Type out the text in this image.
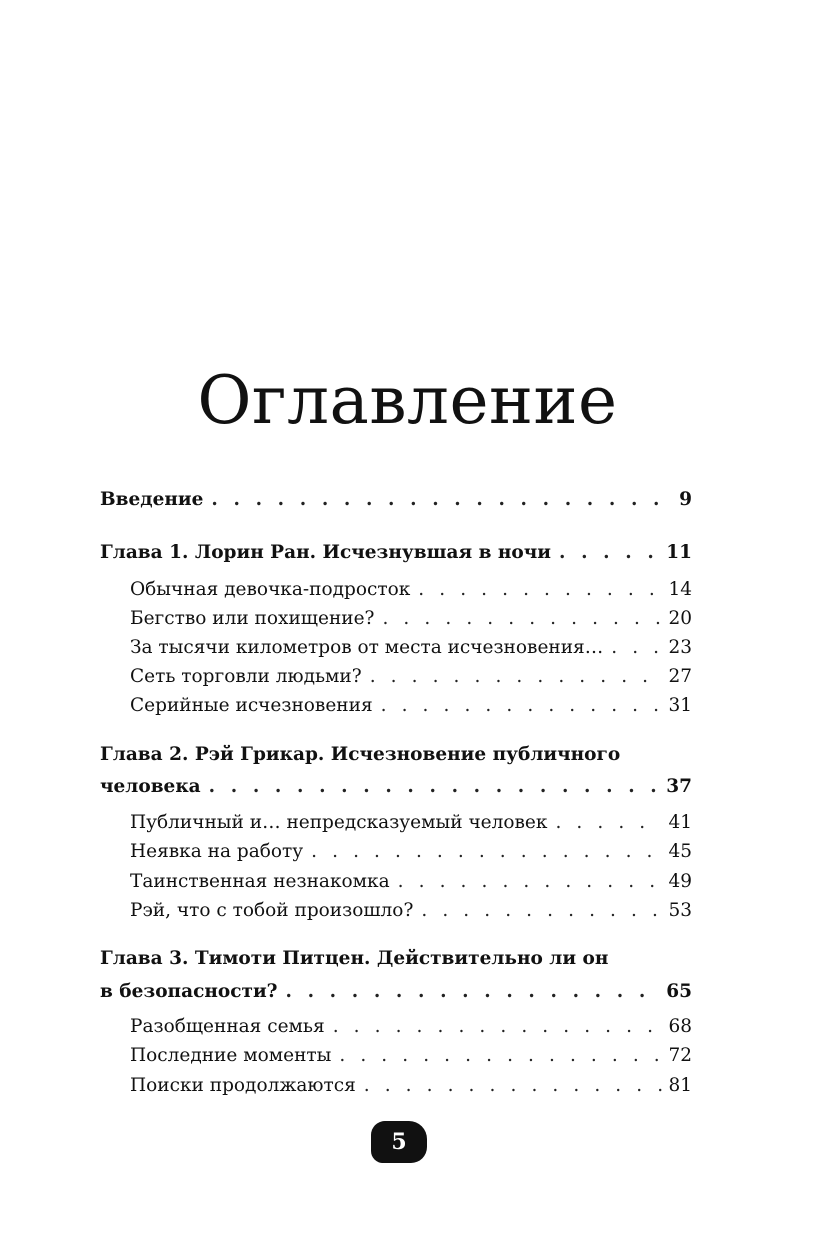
Оглавление
Введение . . .	9
Глава 1. Лорин Ран. Исчезнувшая в ночи . . .	11
Обычная девочка-подросток . . .	14
Бегство или похищение? . . .	20
За тысячи километров от места исчезновения… . . .	23
Сеть торговли людьми? . . .	27
Серийные исчезновения . . .	31
Глава 2. Рэй Грикар. Исчезновение публичного
человека . . .	37
Публичный и… непредсказуемый человек . . .	41
Неявка на работу . . .	45
Таинственная незнакомка . . .	49
Рэй, что с тобой произошло? . . .	53
Глава 3. Тимоти Питцен. Действительно ли он
в безопасности? . . .	65
Разобщенная семья . . .	68
Последние моменты . . .	72
Поиски продолжаются . . .	81
5
